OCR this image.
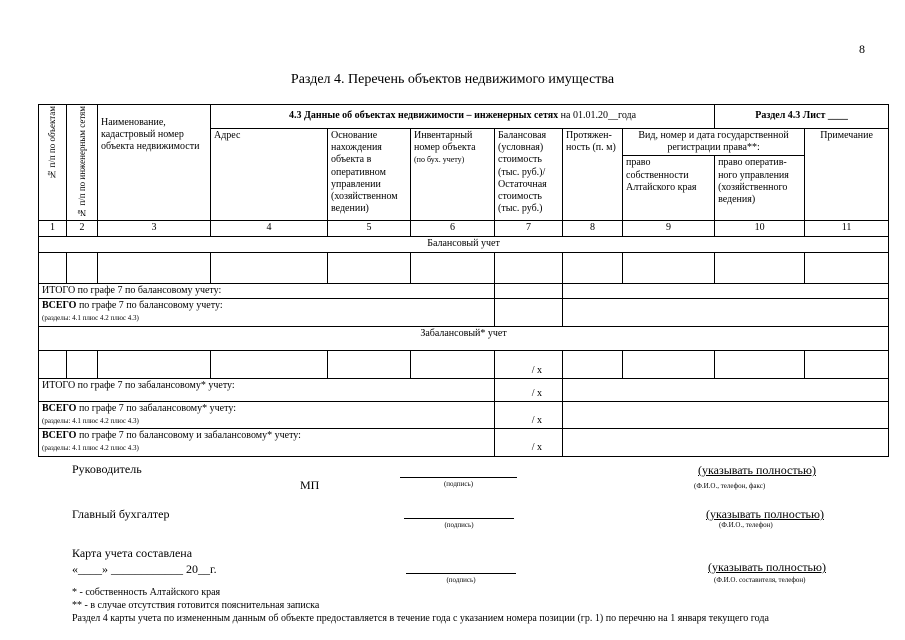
8
Раздел 4. Перечень объектов недвижимого имущества
№ п/п по объектам	№ п/п по инженерным сетям	Наименование, кадастровый номер объекта недвижимости	4.3 Данные об объектах недвижимости – инженерных сетях на 01.01.20__года						Раздел 4.3 Лист ____	
			Адрес	Основание нахождения объекта в оперативном управлении (хозяйственном ведении)	Инвентарный номер объекта
(по бух. учету)	Балансовая (условная) стоимость (тыс. руб.)/ Остаточная стоимость (тыс. руб.)	Протяжен-ность (п. м)	Вид, номер и дата государственной регистрации права**:		Примечание
								право собственности Алтайского края	право оператив-ного управления (хозяйственного ведения)	
1	2	3	4	5	6	7	8	9	10	11
Балансовый учет										

ИТОГО по графе 7 по балансовому учету:										
ВСЕГО по графе 7 по балансовому учету:
(разделы: 4.1 плюс 4.2 плюс 4.3)										
Забалансовый* учет										
						/ х				
ИТОГО по графе 7 по забалансовому* учету:						/ х				
ВСЕГО по графе 7 по забалансовому* учету:
(разделы: 4.1 плюс 4.2 плюс 4.3)						/ х				
ВСЕГО по графе 7 по балансовому и забалансовому* учету:
(разделы: 4.1 плюс 4.2 плюс 4.3)						/ х				
Руководитель
МП	(подпись)
(указывать полностью)
(Ф.И.О., телефон, факс)
Главный бухгалтер
(подпись)
(указывать полностью)
(Ф.И.О., телефон)
Карта учета составлена
«____» ____________ 20__г.
(подпись)
(указывать полностью)
(Ф.И.О. составителя, телефон)
* - собственность Алтайского края
** - в случае отсутствия готовится пояснительная записка
Раздел 4 карты учета по измененным данным об объекте предоставляется в течение года с указанием номера позиции (гр. 1) по перечню на 1 января текущего года
